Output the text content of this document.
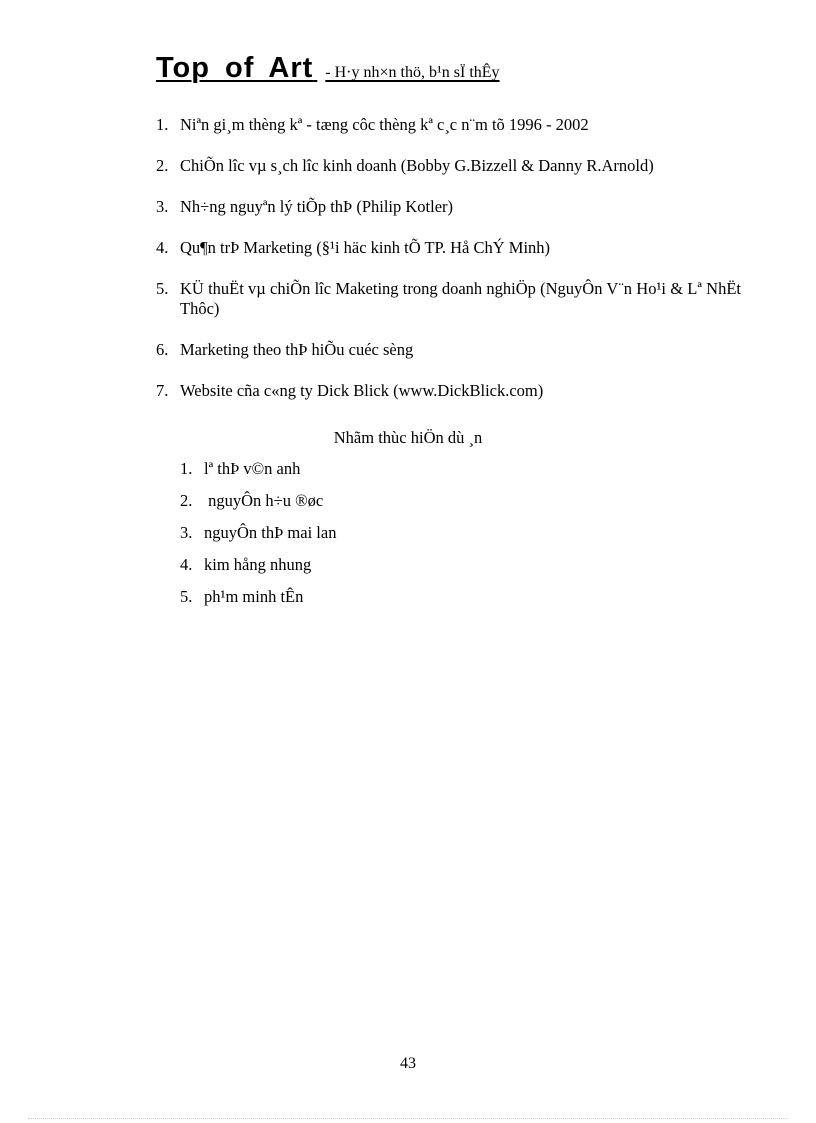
Top of Art - H·y nh×n thö, b¹n sÏ thÊy
1. Niªn gi¸m thèng kª - tæng côc thèng kª c¸c n¨m tõ 1996 - 2002
2. ChiÕn lîc vµ s¸ch lîc kinh doanh (Bobby G.Bizzell & Danny R.Arnold)
3. Nh÷ng nguyªn lý tiÕp thÞ (Philip Kotler)
4. Qu¶n trÞ Marketing (§¹i häc kinh tÕ TP. Hå ChÝ Minh)
5. KÜ thuËt vµ chiÕn lîc Maketing trong doanh nghiÖp (NguyÔn V¨n Ho¹i & Lª NhËt Thôc)
6. Marketing theo thÞ hiÕu cuéc sèng
7. Website cña c«ng ty Dick Blick (www.DickBlick.com)
Nhãm thùc hiÖn dù ¸n
1. lª thÞ v©n anh
2. nguyÔn h÷u ®øc
3. nguyÔn thÞ mai lan
4. kim hång nhung
5. ph¹m minh tÊn
43
